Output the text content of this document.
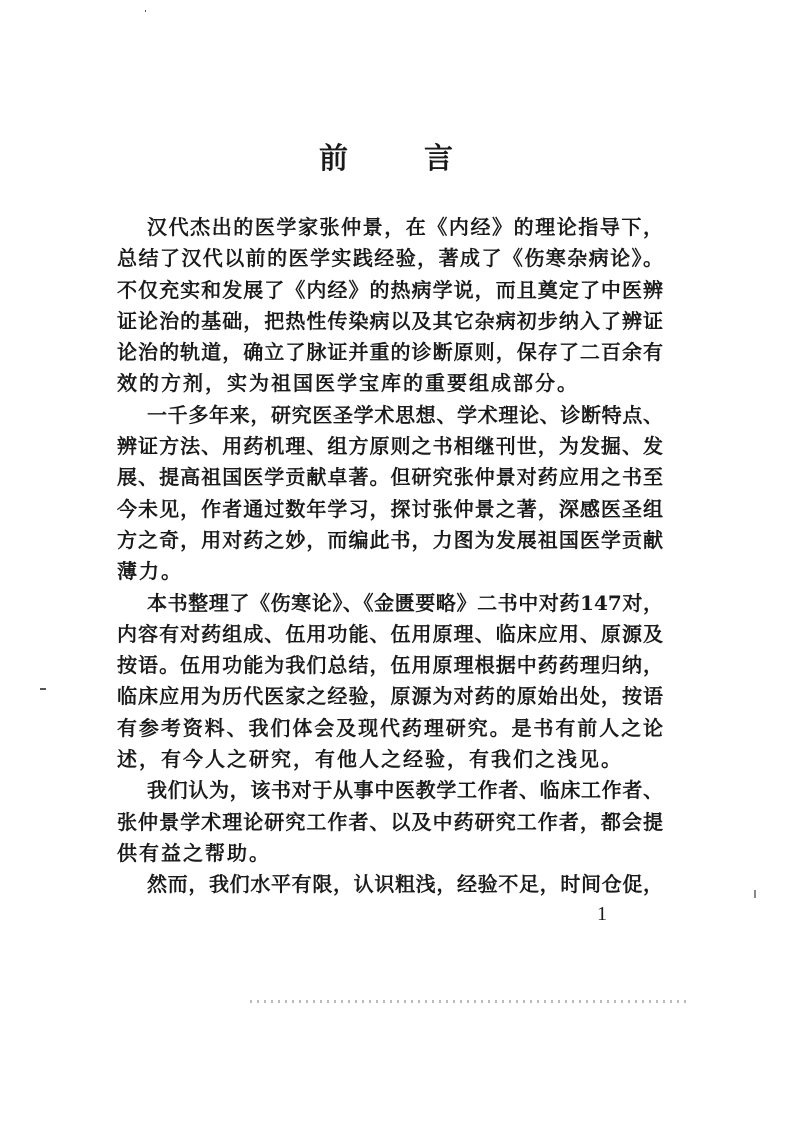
前	言
汉代杰出的医学家张仲景，在《内经》的理论指导下，
总结了汉代以前的医学实践经验，著成了《伤寒杂病论》。
不仅充实和发展了《内经》的热病学说，而且奠定了中医辨
证论治的基础，把热性传染病以及其它杂病初步纳入了辨证
论治的轨道，确立了脉证并重的诊断原则，保存了二百余有
效的方剂，实为祖国医学宝库的重要组成部分。
一千多年来，研究医圣学术思想、学术理论、诊断特点、
辨证方法、用药机理、组方原则之书相继刊世，为发掘、发
展、提高祖国医学贡献卓著。但研究张仲景对药应用之书至
今未见，作者通过数年学习，探讨张仲景之著，深感医圣组
方之奇，用对药之妙，而编此书，力图为发展祖国医学贡献
薄力。
本书整理了《伤寒论》、《金匮要略》二书中对药147对，
内容有对药组成、伍用功能、伍用原理、临床应用、原源及
按语。伍用功能为我们总结，伍用原理根据中药药理归纳，
临床应用为历代医家之经验，原源为对药的原始出处，按语
有参考资料、我们体会及现代药理研究。是书有前人之论
述，有今人之研究，有他人之经验，有我们之浅见。
我们认为，该书对于从事中医教学工作者、临床工作者、
张仲景学术理论研究工作者、以及中药研究工作者，都会提
供有益之帮助。
然而，我们水平有限，认识粗浅，经验不足，时间仓促，
1
